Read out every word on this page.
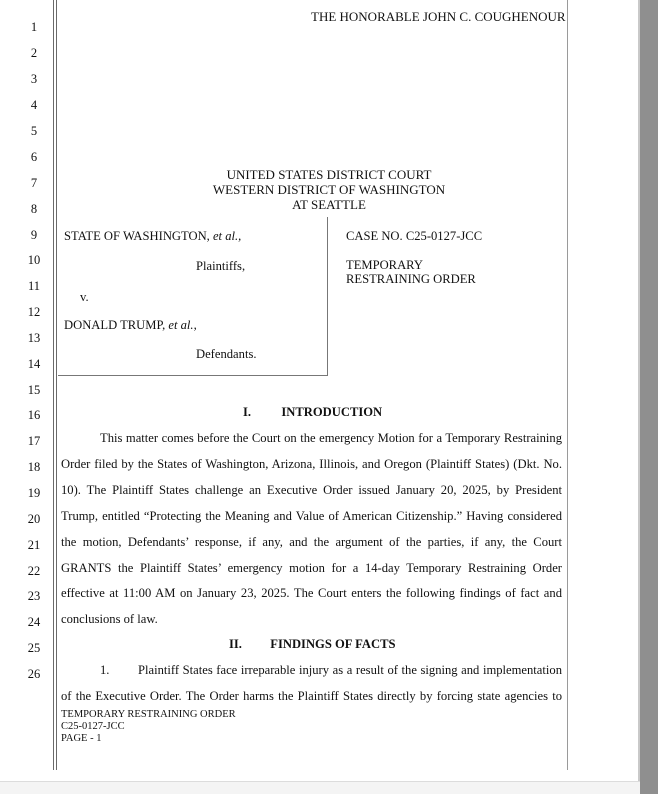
1
2
3
4
5
6
7
8
9
10
11
12
13
14
15
16
17
18
19
20
21
22
23
24
25
26
THE HONORABLE JOHN C. COUGHENOUR
UNITED STATES DISTRICT COURT
WESTERN DISTRICT OF WASHINGTON
AT SEATTLE
STATE OF WASHINGTON, et al.,
Plaintiffs,
v.
DONALD TRUMP, et al.,
Defendants.
CASE NO. C25-0127-JCC
TEMPORARY
RESTRAINING ORDER
I. INTRODUCTION
This matter comes before the Court on the emergency Motion for a Temporary Restraining
Order filed by the States of Washington, Arizona, Illinois, and Oregon (Plaintiff States) (Dkt. No.
10). The Plaintiff States challenge an Executive Order issued January 20, 2025, by President
Trump, entitled “Protecting the Meaning and Value of American Citizenship.” Having considered
the motion, Defendants’ response, if any, and the argument of the parties, if any, the Court
GRANTS the Plaintiff States’ emergency motion for a 14-day Temporary Restraining Order
effective at 11:00 AM on January 23, 2025. The Court enters the following findings of fact and
conclusions of law.
II. FINDINGS OF FACTS
1. Plaintiff States face irreparable injury as a result of the signing and implementation
of the Executive Order. The Order harms the Plaintiff States directly by forcing state agencies to
TEMPORARY RESTRAINING ORDER
C25-0127-JCC
PAGE - 1
